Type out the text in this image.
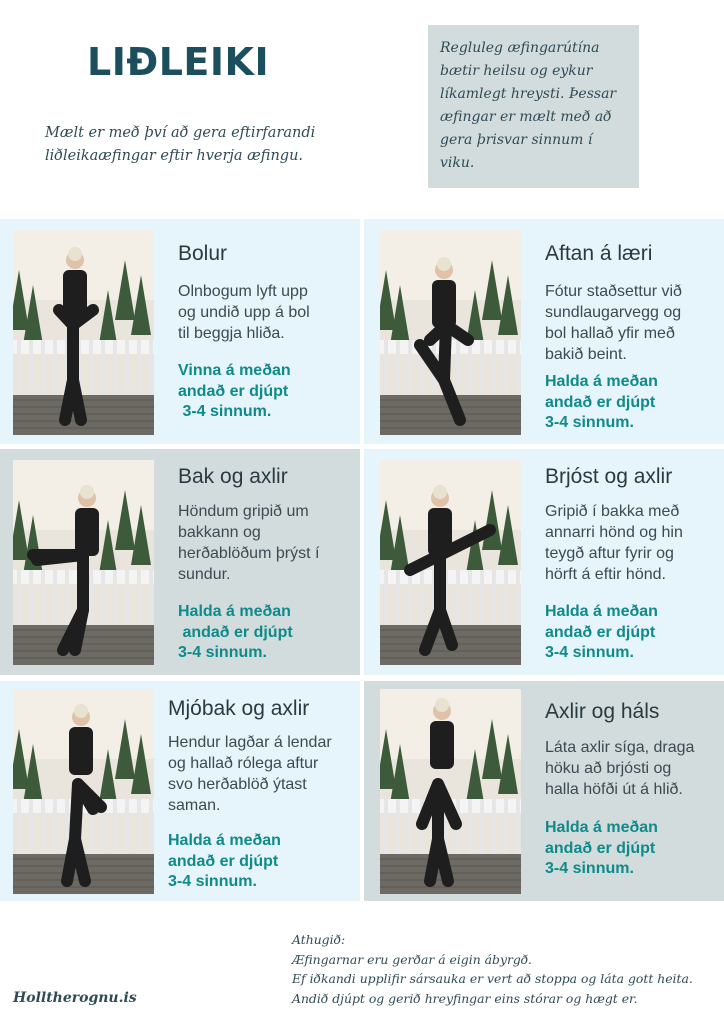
LIÐLEIKI
Mælt er með því að gera eftirfarandi
liðleikaæfingar eftir hverja æfingu.
Regluleg æfingarútína
bætir heilsu og eykur
líkamlegt hreysti. Þessar
æfingar er mælt með að
gera þrisvar sinnum í
viku.
Bolur
Olnbogum lyft upp
og undið upp á bol
til beggja hliða.
Vinna á meðan
andað er djúpt
3-4 sinnum.
Aftan á læri
Fótur staðsettur við
sundlaugarvegg og
bol hallað yfir með
bakið beint.
Halda á meðan
andað er djúpt
3-4 sinnum.
Bak og axlir
Höndum gripið um
bakkann og
herðablöðum þrýst í
sundur.
Halda á meðan
andað er djúpt
3-4 sinnum.
Brjóst og axlir
Gripið í bakka með
annarri hönd og hin
teygð aftur fyrir og
hörft á eftir hönd.
Halda á meðan
andað er djúpt
3-4 sinnum.
Mjóbak og axlir
Hendur lagðar á lendar
og hallað rólega aftur
svo herðablöð ýtast
saman.
Halda á meðan
andað er djúpt
3-4 sinnum.
Axlir og háls
Láta axlir síga, draga
höku að brjósti og
halla höfði út á hlið.
Halda á meðan
andað er djúpt
3-4 sinnum.
Holltherognu.is
Athugið:
Æfingarnar eru gerðar á eigin ábyrgð.
Ef iðkandi upplifir sársauka er vert að stoppa og láta gott heita.
Andið djúpt og gerið hreyfingar eins stórar og hægt er.
